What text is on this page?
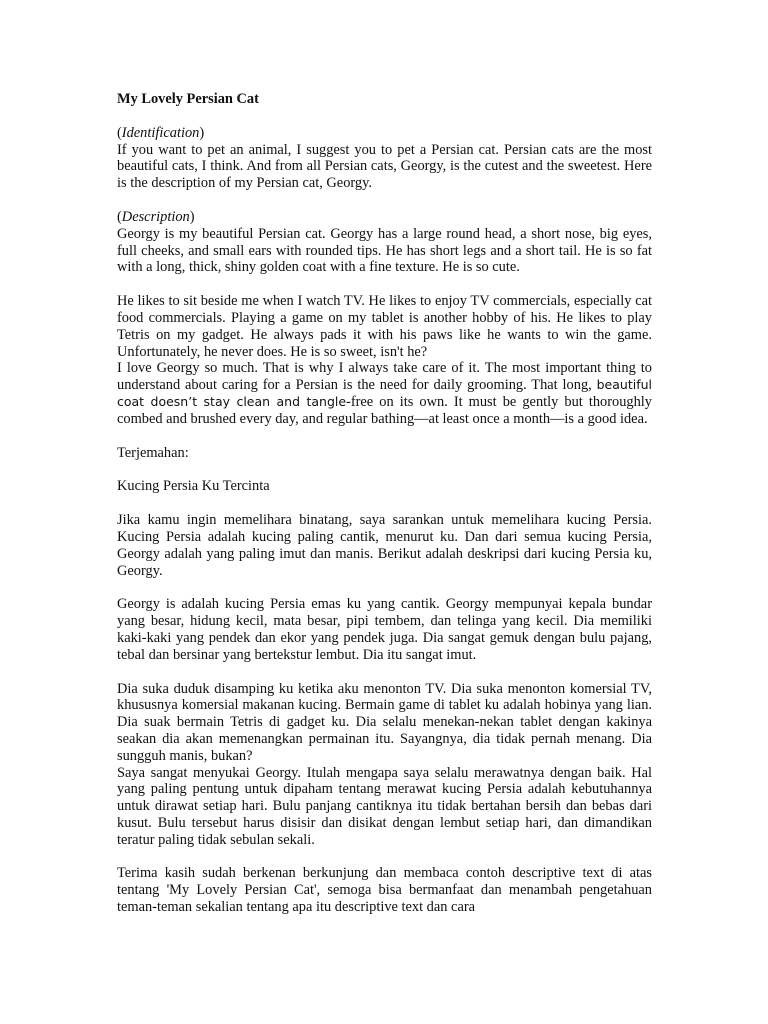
My Lovely Persian Cat

(Identification)

If you want to pet an animal, I suggest you to pet a Persian cat. Persian cats are the most beautiful cats, I think. And from all Persian cats, Georgy, is the cutest and the sweetest. Here is the description of my Persian cat, Georgy.

(Description)

Georgy is my beautiful Persian cat. Georgy has a large round head, a short nose, big eyes, full cheeks, and small ears with rounded tips. He has short legs and a short tail. He is so fat with a long, thick, shiny golden coat with a fine texture. He is so cute.

He likes to sit beside me when I watch TV. He likes to enjoy TV commercials, especially cat food commercials. Playing a game on my tablet is another hobby of his. He likes to play Tetris on my gadget. He always pads it with his paws like he wants to win the game. Unfortunately, he never does. He is so sweet, isn't he?

I love Georgy so much. That is why I always take care of it. The most important thing to understand about caring for a Persian is the need for daily grooming. That long, beautiful coat doesn’t stay clean and tangle-free on its own. It must be gently but thoroughly combed and brushed every day, and regular bathing—at least once a month—is a good idea.

Terjemahan:

Kucing Persia Ku Tercinta

Jika kamu ingin memelihara binatang, saya sarankan untuk memelihara kucing Persia. Kucing Persia adalah kucing paling cantik, menurut ku. Dan dari semua kucing Persia, Georgy adalah yang paling imut dan manis. Berikut adalah deskripsi dari kucing Persia ku, Georgy.

Georgy is adalah kucing Persia emas ku yang cantik. Georgy mempunyai kepala bundar yang besar, hidung kecil, mata besar, pipi tembem, dan telinga yang kecil. Dia memiliki kaki-kaki yang pendek dan ekor yang pendek juga. Dia sangat gemuk dengan bulu pajang, tebal dan bersinar yang bertekstur lembut. Dia itu sangat imut.

Dia suka duduk disamping ku ketika aku menonton TV. Dia suka menonton komersial TV, khususnya komersial makanan kucing. Bermain game di tablet ku adalah hobinya yang lian. Dia suak bermain Tetris di gadget ku. Dia selalu menekan-nekan tablet dengan kakinya seakan dia akan memenangkan permainan itu. Sayangnya, dia tidak pernah menang. Dia sungguh manis, bukan?

Saya sangat menyukai Georgy. Itulah mengapa saya selalu merawatnya dengan baik. Hal yang paling pentung untuk dipaham tentang merawat kucing Persia adalah kebutuhannya untuk dirawat setiap hari. Bulu panjang cantiknya itu tidak bertahan bersih dan bebas dari kusut. Bulu tersebut harus disisir dan disikat dengan lembut setiap hari, dan dimandikan teratur paling tidak sebulan sekali.

Terima kasih sudah berkenan berkunjung dan membaca contoh descriptive text di atas tentang 'My Lovely Persian Cat', semoga bisa bermanfaat dan menambah pengetahuan teman-teman sekalian tentang apa itu descriptive text dan cara
